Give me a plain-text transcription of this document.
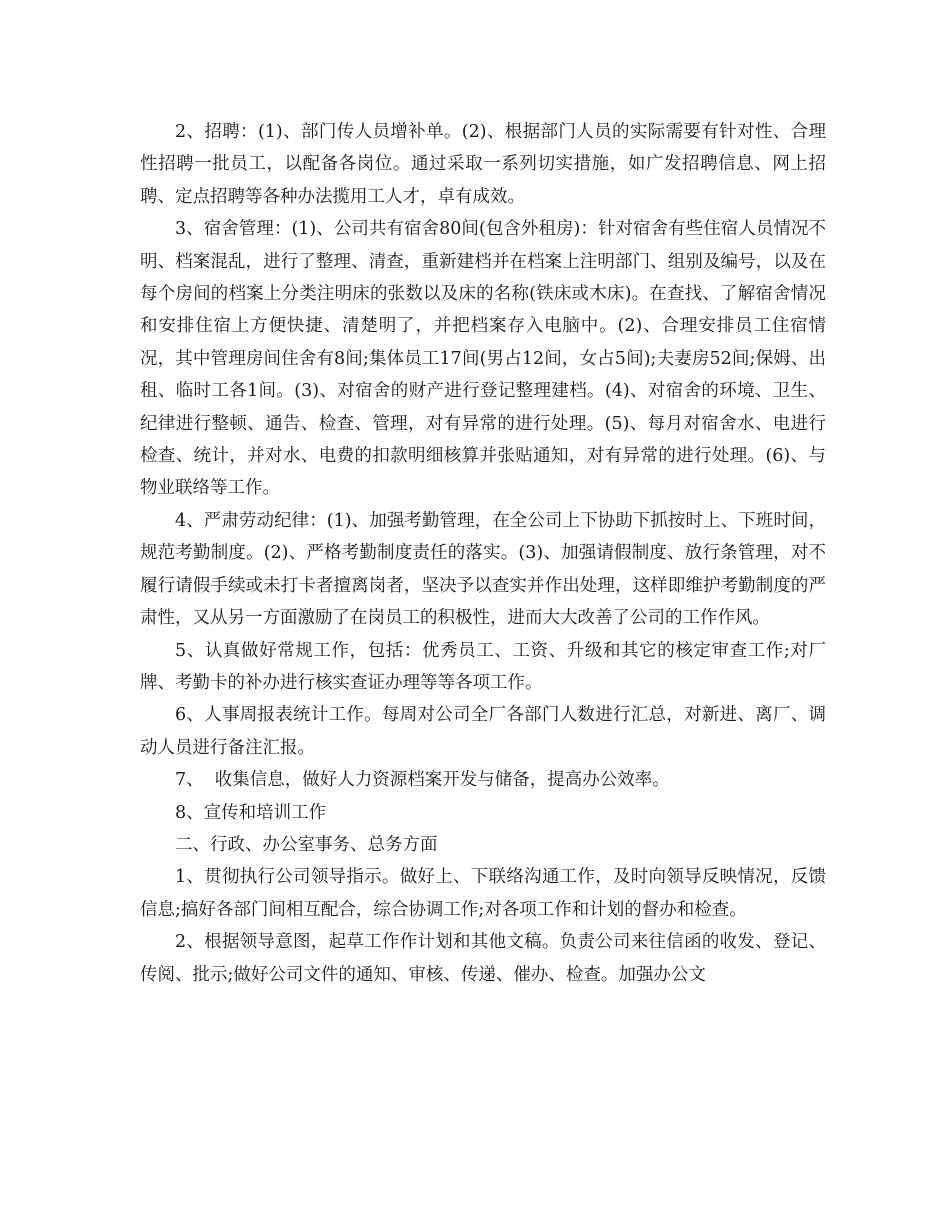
2、招聘：(1)、部门传人员增补单。(2)、根据部门人员的实际需要有针对性、合理性招聘一批员工，以配备各岗位。通过采取一系列切实措施，如广发招聘信息、网上招聘、定点招聘等各种办法揽用工人才，卓有成效。

3、宿舍管理：(1)、公司共有宿舍80间(包含外租房)：针对宿舍有些住宿人员情况不明、档案混乱，进行了整理、清查，重新建档并在档案上注明部门、组别及编号，以及在每个房间的档案上分类注明床的张数以及床的名称(铁床或木床)。在查找、了解宿舍情况和安排住宿上方便快捷、清楚明了，并把档案存入电脑中。(2)、合理安排员工住宿情况，其中管理房间住舍有8间;集体员工17间(男占12间，女占5间);夫妻房52间;保姆、出租、临时工各1间。(3)、对宿舍的财产进行登记整理建档。(4)、对宿舍的环境、卫生、纪律进行整顿、通告、检查、管理，对有异常的进行处理。(5)、每月对宿舍水、电进行检查、统计，并对水、电费的扣款明细核算并张贴通知，对有异常的进行处理。(6)、与物业联络等工作。

4、严肃劳动纪律：(1)、加强考勤管理，在全公司上下协助下抓按时上、下班时间，规范考勤制度。(2)、严格考勤制度责任的落实。(3)、加强请假制度、放行条管理，对不履行请假手续或未打卡者擅离岗者，坚决予以查实并作出处理，这样即维护考勤制度的严肃性，又从另一方面激励了在岗员工的积极性，进而大大改善了公司的工作作风。

5、认真做好常规工作，包括：优秀员工、工资、升级和其它的核定审查工作;对厂牌、考勤卡的补办进行核实查证办理等等各项工作。

6、人事周报表统计工作。每周对公司全厂各部门人数进行汇总，对新进、离厂、调动人员进行备注汇报。

7、  收集信息，做好人力资源档案开发与储备，提高办公效率。

8、宣传和培训工作

二、行政、办公室事务、总务方面

1、贯彻执行公司领导指示。做好上、下联络沟通工作，及时向领导反映情况，反馈信息;搞好各部门间相互配合，综合协调工作;对各项工作和计划的督办和检查。

2、根据领导意图，起草工作作计划和其他文稿。负责公司来往信函的收发、登记、传阅、批示;做好公司文件的通知、审核、传递、催办、检查。加强办公文
